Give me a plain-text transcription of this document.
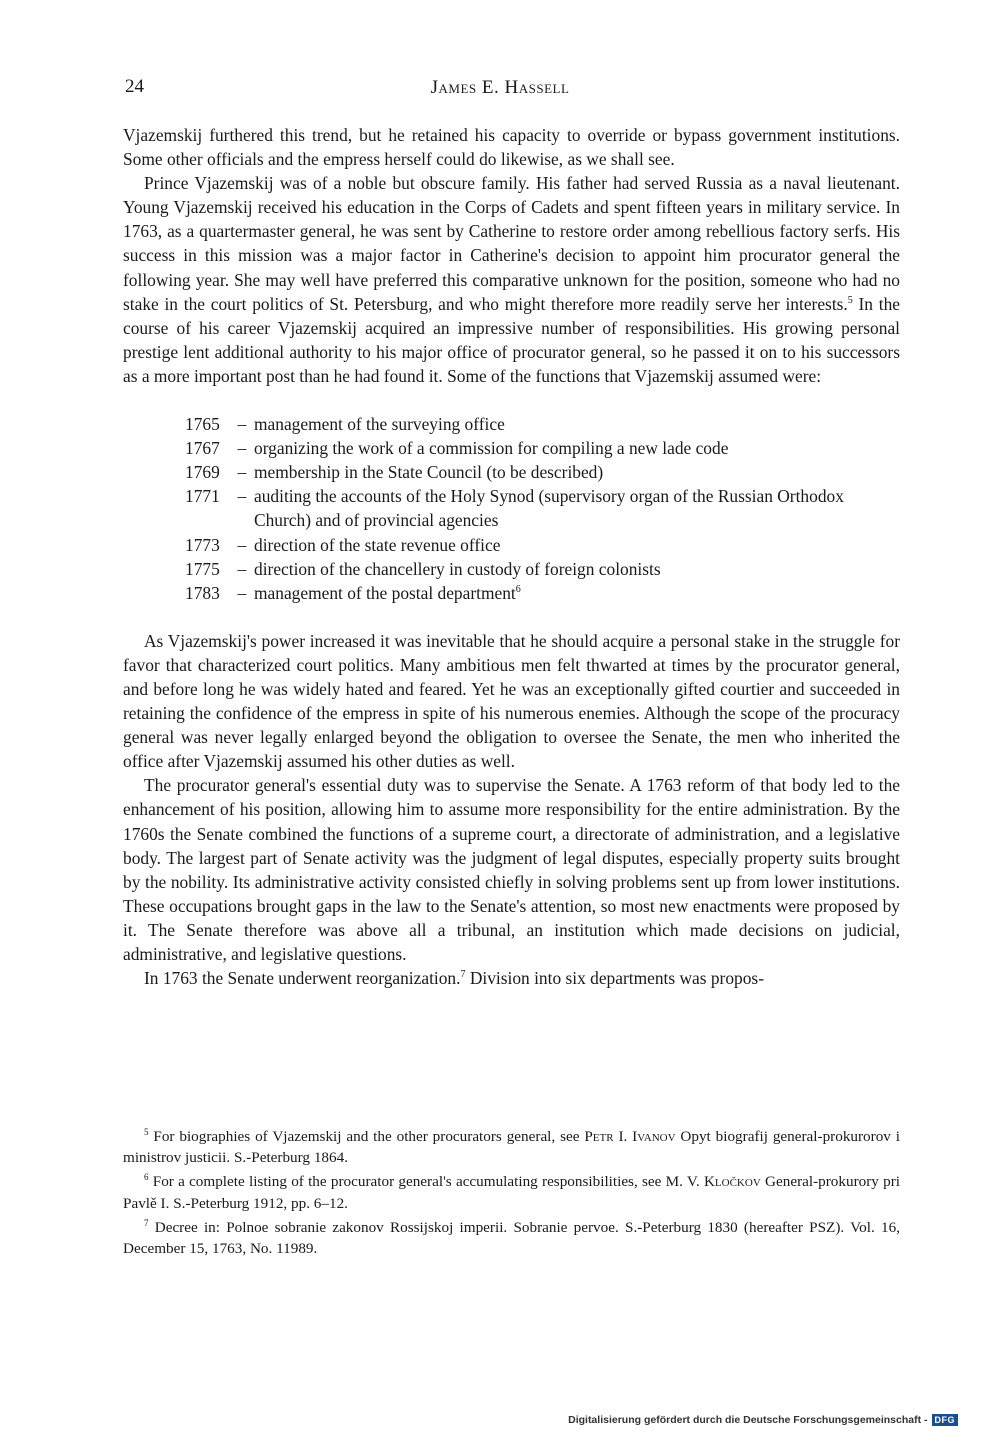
24	James E. Hassell

Vjazemskij furthered this trend, but he retained his capacity to override or bypass government institutions. Some other officials and the empress herself could do likewise, as we shall see.

Prince Vjazemskij was of a noble but obscure family. His father had served Russia as a naval lieutenant. Young Vjazemskij received his education in the Corps of Cadets and spent fifteen years in military service. In 1763, as a quartermaster general, he was sent by Catherine to restore order among rebellious factory serfs. His success in this mission was a major factor in Catherine's decision to appoint him procurator general the following year. She may well have preferred this comparative unknown for the position, someone who had no stake in the court politics of St. Petersburg, and who might therefore more readily serve her interests.$^5$ In the course of his career Vjazemskij acquired an impressive number of responsibilities. His growing personal prestige lent additional authority to his major office of procurator general, so he passed it on to his successors as a more important post than he had found it. Some of the functions that Vjazemskij assumed were:

1765	– management of the surveying office
1767	– organizing the work of a commission for compiling a new lade code
1769	– membership in the State Council (to be described)
1771	– auditing the accounts of the Holy Synod (supervisory organ of the Russian Orthodox Church) and of provincial agencies
1773	– direction of the state revenue office
1775	– direction of the chancellery in custody of foreign colonists
1783	– management of the postal department$^6$

As Vjazemskij's power increased it was inevitable that he should acquire a personal stake in the struggle for favor that characterized court politics. Many ambitious men felt thwarted at times by the procurator general, and before long he was widely hated and feared. Yet he was an exceptionally gifted courtier and succeeded in retaining the confidence of the empress in spite of his numerous enemies. Although the scope of the procuracy general was never legally enlarged beyond the obligation to oversee the Senate, the men who inherited the office after Vjazemskij assumed his other duties as well.

The procurator general's essential duty was to supervise the Senate. A 1763 reform of that body led to the enhancement of his position, allowing him to assume more responsibility for the entire administration. By the 1760s the Senate combined the functions of a supreme court, a directorate of administration, and a legislative body. The largest part of Senate activity was the judgment of legal disputes, especially property suits brought by the nobility. Its administrative activity consisted chiefly in solving problems sent up from lower institutions. These occupations brought gaps in the law to the Senate's attention, so most new enactments were proposed by it. The Senate therefore was above all a tribunal, an institution which made decisions on judicial, administrative, and legislative questions.

In 1763 the Senate underwent reorganization.$^7$ Division into six departments was propos-

$^5$ For biographies of Vjazemskij and the other procurators general, see Petr I. Ivanov Opyt biografij general-prokurorov i ministrov justicii. S.-Peterburg 1864.

$^6$ For a complete listing of the procurator general's accumulating responsibilities, see M. V. Kločkov General-prokurory pri Pavlě I. S.-Peterburg 1912, pp. 6–12.

$^7$ Decree in: Polnoe sobranie zakonov Rossijskoj imperii. Sobranie pervoe. S.-Peterburg 1830 (hereafter PSZ). Vol. 16, December 15, 1763, No. 11989.

Digitalisierung gefördert durch die Deutsche Forschungsgemeinschaft - DFG
